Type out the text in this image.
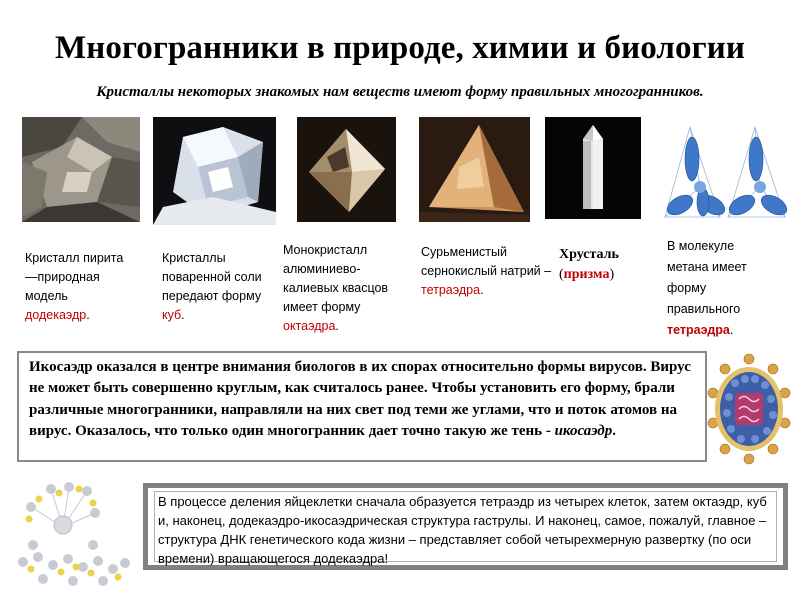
Многогранники в природе, химии и биологии
Кристаллы некоторых знакомых нам веществ имеют форму правильных многогранников.
Кристалл пирита—природная модель додекаэдр.
Кристаллы поваренной соли передают форму куб.
Монокристалл алюминиево-калиевых квасцов имеет форму октаэдра.
Сурьменистый сернокислый натрий – тетраэдра.
Хрусталь
(призма)
В молекуле метана имеет форму правильного тетраэдра.
Икосаэдр оказался в центре внимания биологов в их спорах относительно формы вирусов. Вирус не может быть совершенно круглым, как считалось ранее. Чтобы установить его форму, брали различные многогранники, направляли на них свет под теми же углами, что и поток атомов на вирус. Оказалось, что только один многогранник дает точно такую же тень - икосаэдр.
В процессе деления яйцеклетки сначала образуется тетраэдр из четырех клеток, затем октаэдр, куб и, наконец, додекаэдро-икосаэдрическая структура гаструлы. И наконец, самое, пожалуй, главное – структура ДНК генетического кода жизни – представляет собой четырехмерную развертку (по оси времени) вращающегося додекаэдра!
